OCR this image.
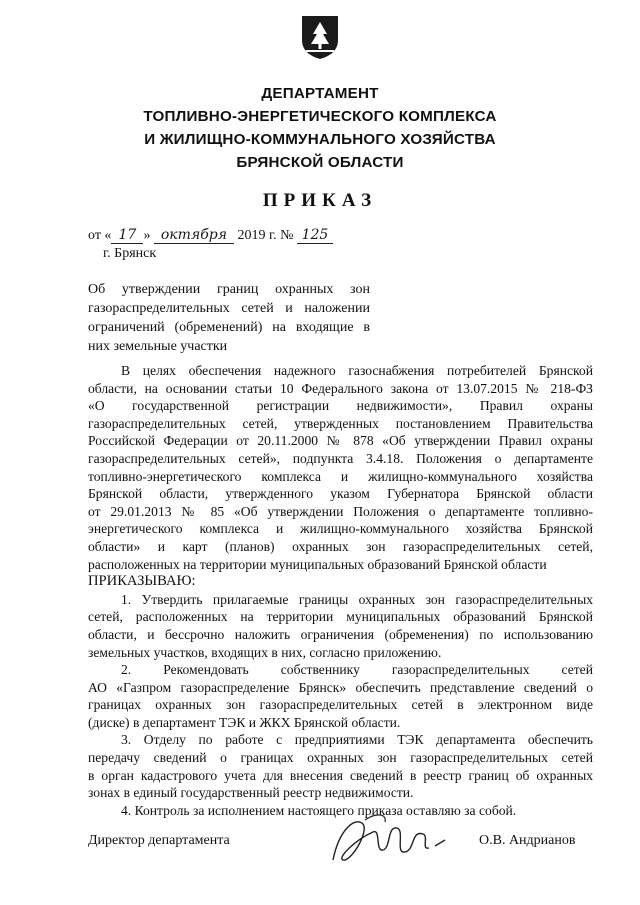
ДЕПАРТАМЕНТ
ТОПЛИВНО-ЭНЕРГЕТИЧЕСКОГО КОМПЛЕКСА
И ЖИЛИЩНО-КОММУНАЛЬНОГО ХОЗЯЙСТВА
БРЯНСКОЙ ОБЛАСТИ
ПРИКАЗ
от « 17 » октября 2019 г. № 125
г. Брянск
Об утверждении границ охранных зон
газораспределительных сетей и наложении
ограничений (обременений) на входящие в
них земельные участки
В целях обеспечения надежного газоснабжения потребителей Брянской
области, на основании статьи 10 Федерального закона от 13.07.2015 № 218-ФЗ
«О государственной регистрации недвижимости», Правил охраны
газораспределительных сетей, утвержденных постановлением Правительства
Российской Федерации от 20.11.2000 № 878 «Об утверждении Правил охраны
газораспределительных сетей», подпункта 3.4.18. Положения о департаменте
топливно-энергетического комплекса и жилищно-коммунального хозяйства
Брянской области, утвержденного указом Губернатора Брянской области
от 29.01.2013 № 85 «Об утверждении Положения о департаменте топливно-
энергетического комплекса и жилищно-коммунального хозяйства Брянской
области» и карт (планов) охранных зон газораспределительных сетей,
расположенных на территории муниципальных образований Брянской области
ПРИКАЗЫВАЮ:
1. Утвердить прилагаемые границы охранных зон газораспределительных
сетей, расположенных на территории муниципальных образований Брянской
области, и бессрочно наложить ограничения (обременения) по использованию
земельных участков, входящих в них, согласно приложению.
2. Рекомендовать собственнику газораспределительных сетей
АО «Газпром газораспределение Брянск» обеспечить представление сведений о
границах охранных зон газораспределительных сетей в электронном виде
(диске) в департамент ТЭК и ЖКХ Брянской области.
3. Отделу по работе с предприятиями ТЭК департамента обеспечить
передачу сведений о границах охранных зон газораспределительных сетей
в орган кадастрового учета для внесения сведений в реестр границ об охранных
зонах в единый государственный реестр недвижимости.
4. Контроль за исполнением настоящего приказа оставляю за собой.
Директор департамента	О.В. Андрианов
